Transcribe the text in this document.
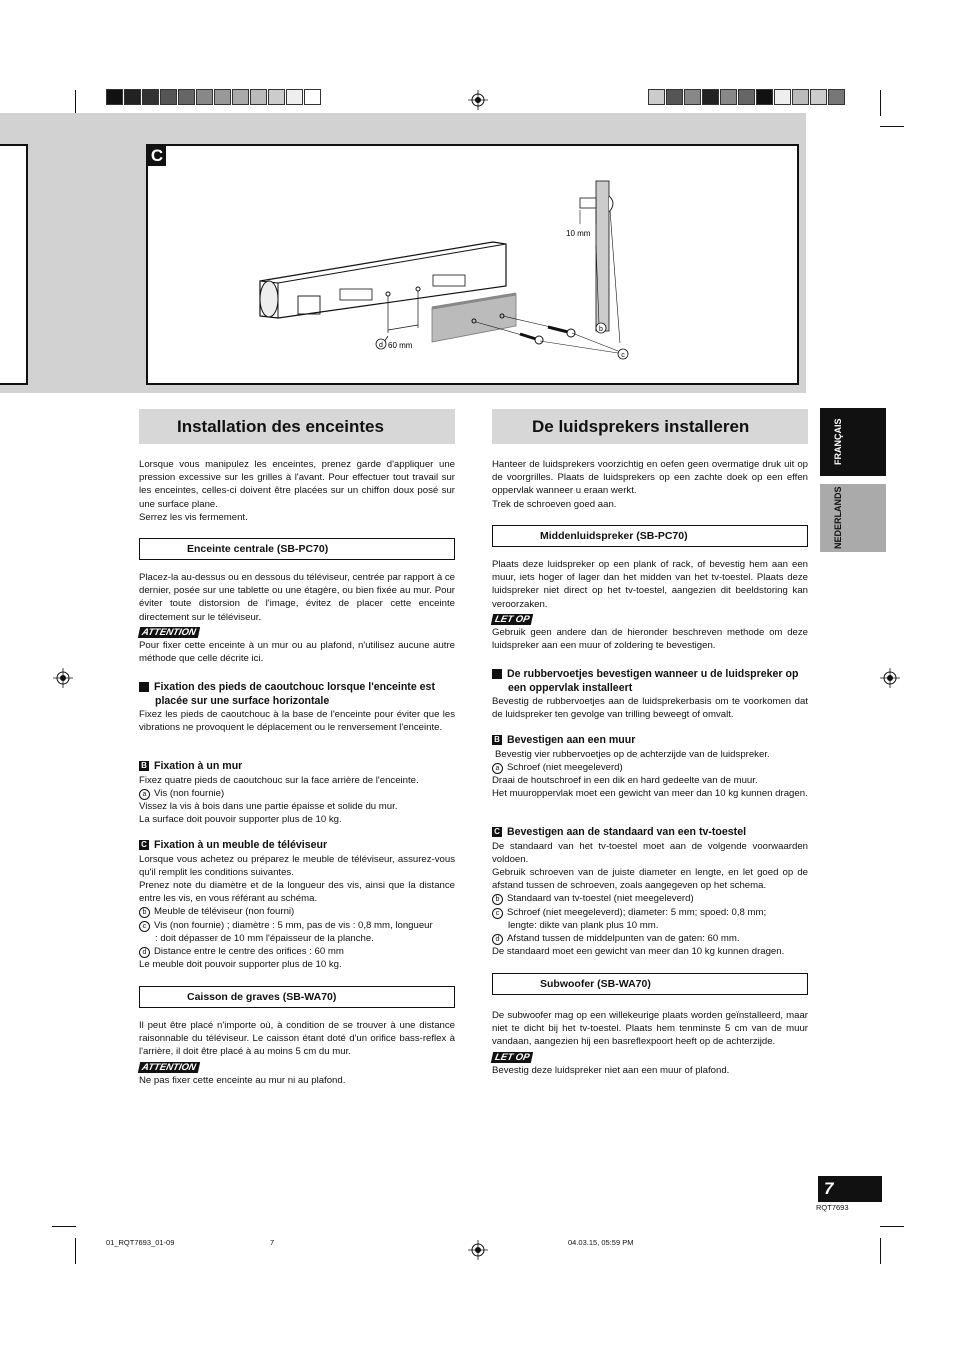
C
b
c
d
10 mm
60 mm
Installation des enceintes

Lorsque vous manipulez les enceintes, prenez garde d'appliquer une pression excessive sur les grilles à l'avant. Pour effectuer tout travail sur les enceintes, celles-ci doivent être placées sur un chiffon doux posé sur une surface plane.

Serrez les vis fermement.

Enceinte centrale (SB-PC70)

Placez-la au-dessus ou en dessous du téléviseur, centrée par rapport à ce dernier, posée sur une tablette ou une étagère, ou bien fixée au mur. Pour éviter toute distorsion de l'image, évitez de placer cette enceinte directement sur le téléviseur.

ATTENTION

Pour fixer cette enceinte à un mur ou au plafond, n'utilisez aucune autre méthode que celle décrite ici.

A Fixation des pieds de caoutchouc lorsque l'enceinte est placée sur une surface horizontale
Fixez les pieds de caoutchouc à la base de l'enceinte pour éviter que les vibrations ne provoquent le déplacement ou le renversement l'enceinte.
B Fixation à un mur

Fixez quatre pieds de caoutchouc sur la face arrière de l'enceinte.

a Vis (non fournie)

Vissez la vis à bois dans une partie épaisse et solide du mur.

La surface doit pouvoir supporter plus de 10 kg.

C Fixation à un meuble de téléviseur

Lorsque vous achetez ou préparez le meuble de téléviseur, assurez-vous qu'il remplit les conditions suivantes.

Prenez note du diamètre et de la longueur des vis, ainsi que la distance entre les vis, en vous référant au schéma.

b Meuble de téléviseur (non fourni)

c Vis (non fournie) ; diamètre : 5 mm, pas de vis : 0,8 mm, longueur

: doit dépasser de 10 mm l'épaisseur de la planche.

d Distance entre le centre des orifices : 60 mm

Le meuble doit pouvoir supporter plus de 10 kg.

Caisson de graves (SB-WA70)

Il peut être placé n'importe où, à condition de se trouver à une distance raisonnable du téléviseur. Le caisson étant doté d'un orifice bass-reflex à l'arrière, il doit être placé à au moins 5 cm du mur.

ATTENTION

Ne pas fixer cette enceinte au mur ni au plafond.

De luidsprekers installeren

Hanteer de luidsprekers voorzichtig en oefen geen overmatige druk uit op de voorgrilles. Plaats de luidsprekers op een zachte doek op een effen oppervlak wanneer u eraan werkt.

Trek de schroeven goed aan.

Middenluidspreker (SB-PC70)

Plaats deze luidspreker op een plank of rack, of bevestig hem aan een muur, iets hoger of lager dan het midden van het tv-toestel. Plaats deze luidspreker niet direct op het tv-toestel, aangezien dit beeldstoring kan veroorzaken.

LET OP

Gebruik geen andere dan de hieronder beschreven methode om deze luidspreker aan een muur of zoldering te bevestigen.

A De rubbervoetjes bevestigen wanneer u de luidspreker op een oppervlak installeert
Bevestig de rubbervoetjes aan de luidsprekerbasis om te voorkomen dat de luidspreker ten gevolge van trilling beweegt of omvalt.
B Bevestigen aan een muur

Bevestig vier rubbervoetjes op de achterzijde van de luidspreker.

a Schroef (niet meegeleverd)

Draai de houtschroef in een dik en hard gedeelte van de muur.

Het muuroppervlak moet een gewicht van meer dan 10 kg kunnen dragen.

C Bevestigen aan de standaard van een tv-toestel

De standaard van het tv-toestel moet aan de volgende voorwaarden voldoen.

Gebruik schroeven van de juiste diameter en lengte, en let goed op de afstand tussen de schroeven, zoals aangegeven op het schema.

b Standaard van tv-toestel (niet meegeleverd)

c Schroef (niet meegeleverd); diameter: 5 mm; spoed: 0,8 mm;

lengte: dikte van plank plus 10 mm.

d Afstand tussen de middelpunten van de gaten: 60 mm.

De standaard moet een gewicht van meer dan 10 kg kunnen dragen.

Subwoofer (SB-WA70)

De subwoofer mag op een willekeurige plaats worden geïnstalleerd, maar niet te dicht bij het tv-toestel. Plaats hem tenminste 5 cm van de muur vandaan, aangezien hij een basreflexpoort heeft op de achterzijde.

LET OP

Bevestig deze luidspreker niet aan een muur of plafond.

FRANÇAIS
NEDERLANDS
7
RQT7693
01_RQT7693_01-09	7	04.03.15, 05:59 PM
